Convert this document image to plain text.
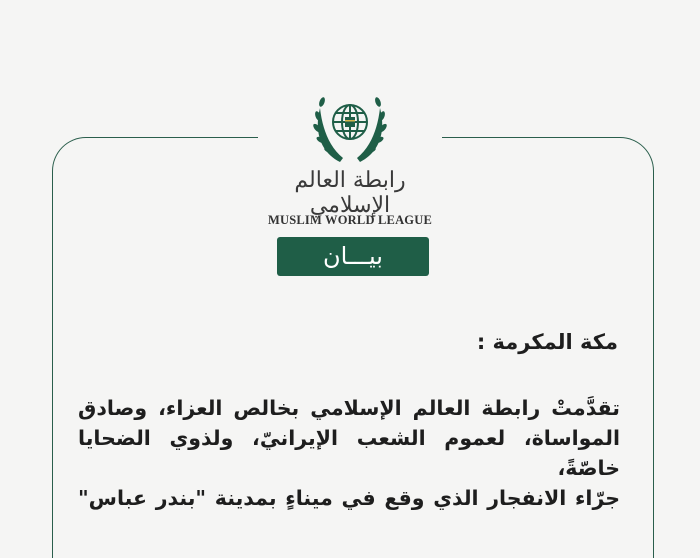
رابطة العالم الإسلامي
MUSLIM WORLD LEAGUE
بيـــان
مكة المكرمة :
تقدَّمتْ رابطة العالم الإسلامي بخالص العزاء، وصادق
المواساة، لعموم الشعب الإيرانيّ، ولذوي الضحايا خاصّةً،
جرّاء الانفجار الذي وقع في ميناءٍ بمدينة "بندر عباس"
